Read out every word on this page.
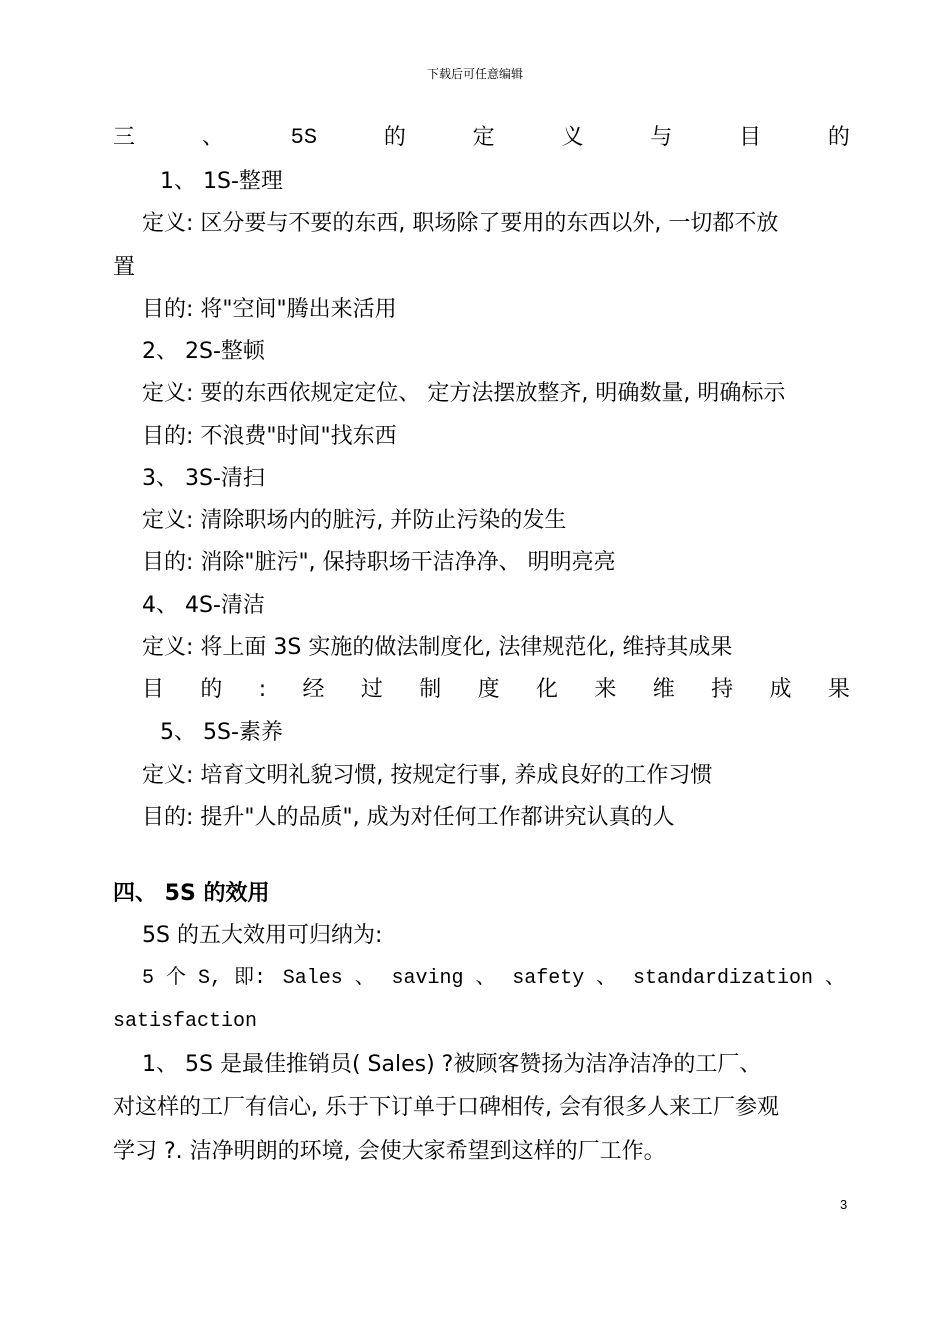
下载后可任意编辑
三	、	5S	的	定	义	与	目	的
1、 1S-整理
定义: 区分要与不要的东西, 职场除了要用的东西以外, 一切都不放
置
目的: 将"空间"腾出来活用
2、 2S-整顿
定义: 要的东西依规定定位、 定方法摆放整齐, 明确数量, 明确标示
目的: 不浪费"时间"找东西
3、 3S-清扫
定义: 清除职场内的脏污, 并防止污染的发生
目的: 消除"脏污", 保持职场干洁净净、 明明亮亮
4、 4S-清洁
定义: 将上面 3S 实施的做法制度化, 法律规范化, 维持其成果
目 的 : 经 过 制 度 化 来 维 持 成 果
5、 5S-素养
定义: 培育文明礼貌习惯, 按规定行事, 养成良好的工作习惯
目的: 提升"人的品质", 成为对任何工作都讲究认真的人
四、 5S 的效用
5S 的五大效用可归纳为:
5 个 S, 即: Sales 、 saving 、 safety 、 standardization 、
satisfaction
1、 5S 是最佳推销员( Sales) ?被顾客赞扬为洁净洁净的工厂、
对这样的工厂有信心, 乐于下订单于口碑相传, 会有很多人来工厂参观
学习 ?. 洁净明朗的环境, 会使大家希望到这样的厂工作。
3
